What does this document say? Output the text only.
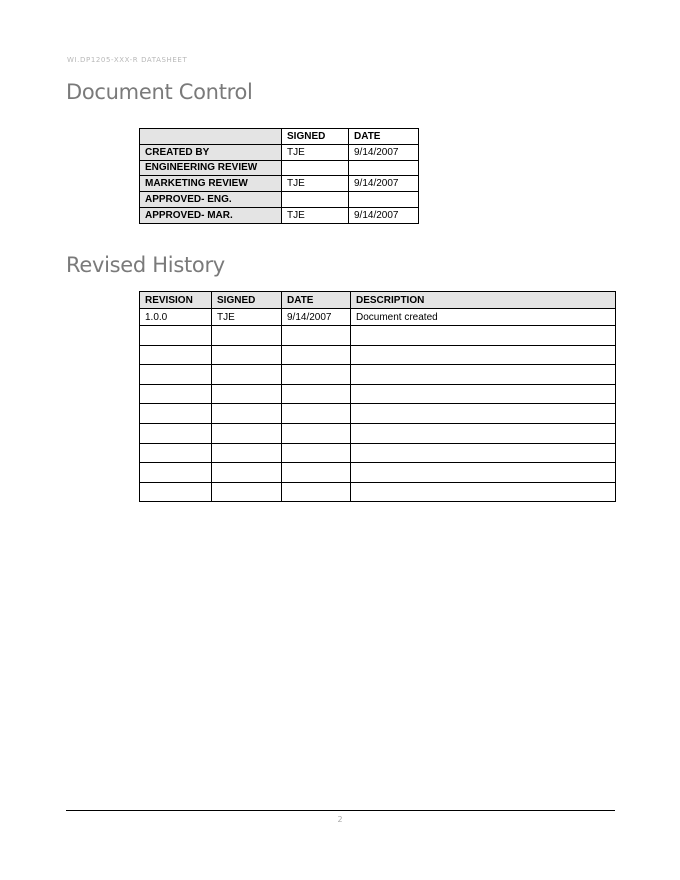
WI.DP1205-XXX-R DATASHEET
Document Control
	SIGNED	DATE
CREATED BY	TJE	9/14/2007
ENGINEERING REVIEW		
MARKETING REVIEW	TJE	9/14/2007
APPROVED- ENG.		
APPROVED- MAR.	TJE	9/14/2007
Revised History
REVISION	SIGNED	DATE	DESCRIPTION
1.0.0	TJE	9/14/2007	Document created

2
